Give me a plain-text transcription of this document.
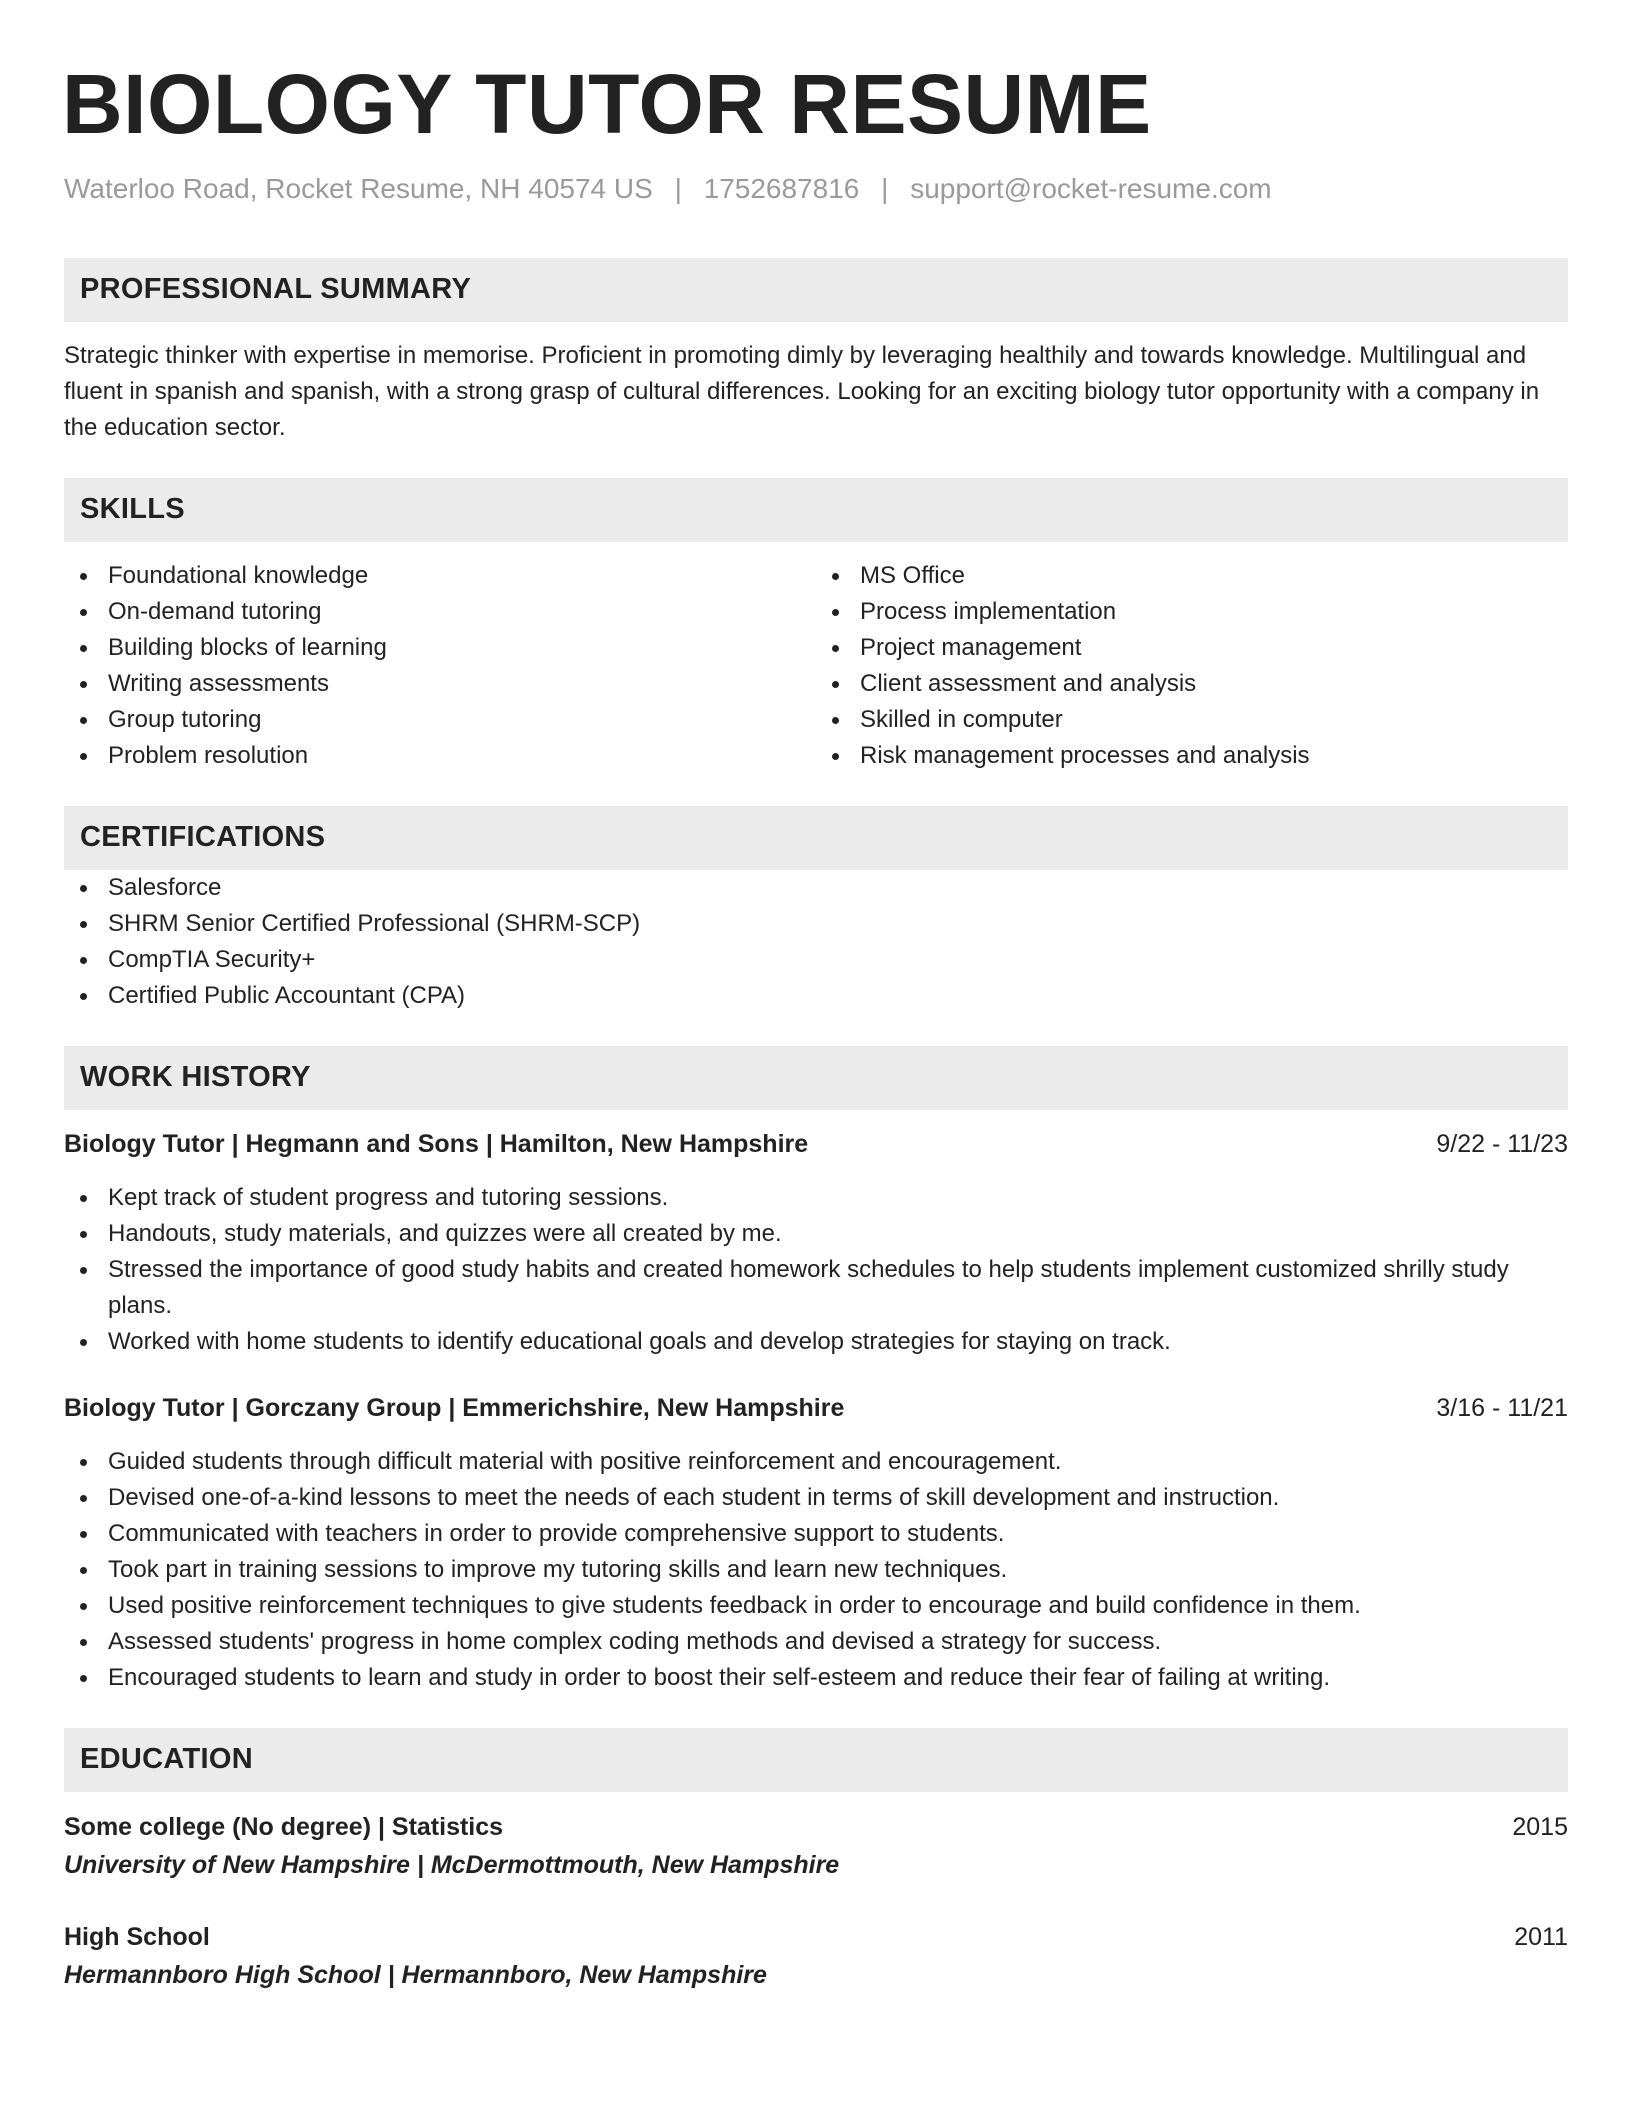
BIOLOGY TUTOR RESUME
Waterloo Road, Rocket Resume, NH 40574 US | 1752687816 | support@rocket-resume.com
PROFESSIONAL SUMMARY

Strategic thinker with expertise in memorise. Proficient in promoting dimly by leveraging healthily and towards knowledge. Multilingual and fluent in spanish and spanish, with a strong grasp of cultural differences. Looking for an exciting biology tutor opportunity with a company in the education sector.

SKILLS
Foundational knowledge
On-demand tutoring
Building blocks of learning
Writing assessments
Group tutoring
Problem resolution
MS Office
Process implementation
Project management
Client assessment and analysis
Skilled in computer
Risk management processes and analysis
CERTIFICATIONS
Salesforce
SHRM Senior Certified Professional (SHRM-SCP)
CompTIA Security+
Certified Public Accountant (CPA)
WORK HISTORY
Biology Tutor | Hegmann and Sons | Hamilton, New Hampshire	9/22 - 11/23
Kept track of student progress and tutoring sessions.
Handouts, study materials, and quizzes were all created by me.
Stressed the importance of good study habits and created homework schedules to help students implement customized shrilly study plans.
Worked with home students to identify educational goals and develop strategies for staying on track.
Biology Tutor | Gorczany Group | Emmerichshire, New Hampshire	3/16 - 11/21
Guided students through difficult material with positive reinforcement and encouragement.
Devised one-of-a-kind lessons to meet the needs of each student in terms of skill development and instruction.
Communicated with teachers in order to provide comprehensive support to students.
Took part in training sessions to improve my tutoring skills and learn new techniques.
Used positive reinforcement techniques to give students feedback in order to encourage and build confidence in them.
Assessed students' progress in home complex coding methods and devised a strategy for success.
Encouraged students to learn and study in order to boost their self-esteem and reduce their fear of failing at writing.
EDUCATION
Some college (No degree) | Statistics	2015
University of New Hampshire | McDermottmouth, New Hampshire
High School	2011
Hermannboro High School | Hermannboro, New Hampshire
